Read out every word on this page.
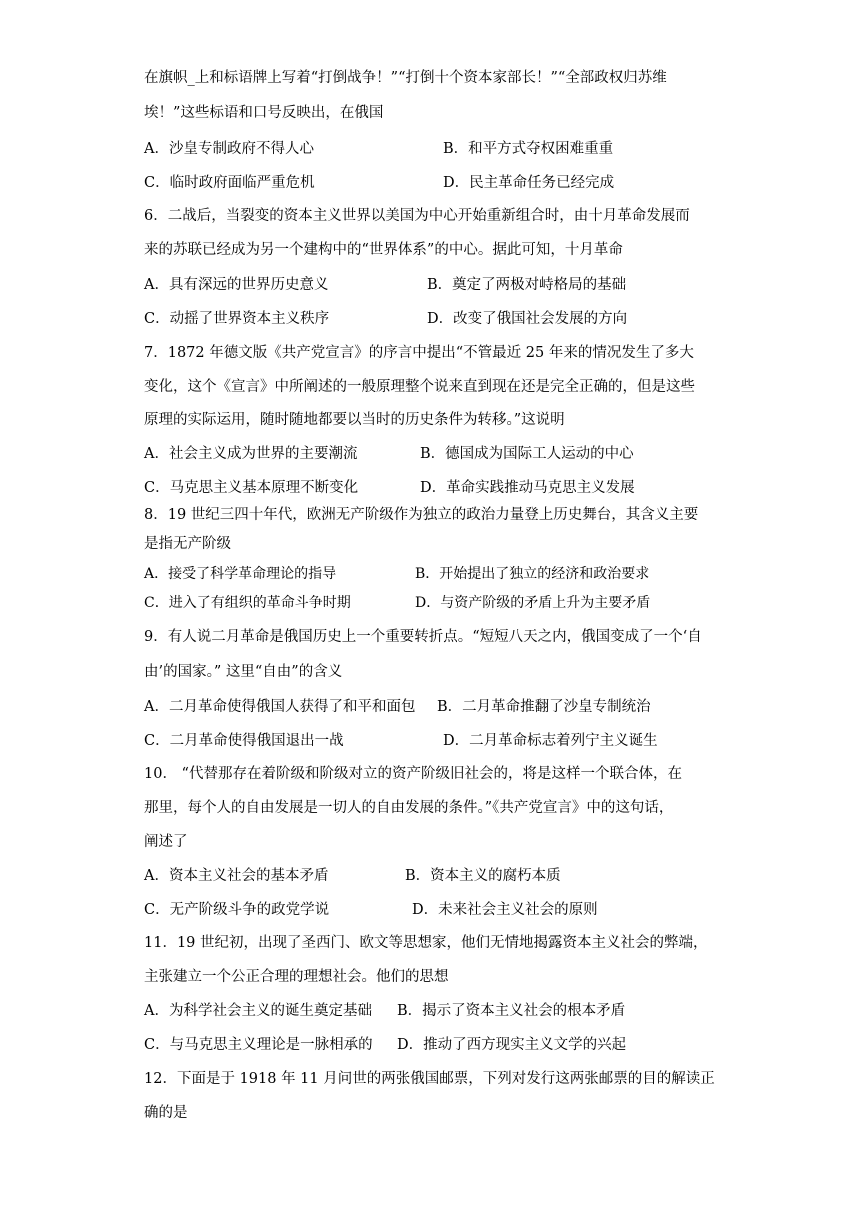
在旗帜_上和标语牌上写着“打倒战争！”“打倒十个资本家部长！”“全部政权归苏维
埃！”这些标语和口号反映出，在俄国
A．沙皇专制政府不得人心	B．和平方式夺权困难重重
C．临时政府面临严重危机	D．民主革命任务已经完成
6．二战后，当裂变的资本主义世界以美国为中心开始重新组合时，由十月革命发展而
来的苏联已经成为另一个建构中的“世界体系”的中心。据此可知，十月革命
A．具有深远的世界历史意义	B．奠定了两极对峙格局的基础
C．动摇了世界资本主义秩序	D．改变了俄国社会发展的方向
7．1872 年德文版《共产党宣言》的序言中提出“不管最近 25 年来的情况发生了多大
变化，这个《宣言》中所阐述的一般原理整个说来直到现在还是完全正确的，但是这些
原理的实际运用，随时随地都要以当时的历史条件为转移。”这说明
A．社会主义成为世界的主要潮流	B．德国成为国际工人运动的中心
C．马克思主义基本原理不断变化	D．革命实践推动马克思主义发展
8．19 世纪三四十年代，欧洲无产阶级作为独立的政治力量登上历史舞台，其含义主要
是指无产阶级
A．接受了科学革命理论的指导	B．开始提出了独立的经济和政治要求
C．进入了有组织的革命斗争时期	D．与资产阶级的矛盾上升为主要矛盾
9．有人说二月革命是俄国历史上一个重要转折点。“短短八天之内，俄国变成了一个‘自
由’的国家。” 这里“自由”的含义
A．二月革命使得俄国人获得了和平和面包 B．二月革命推翻了沙皇专制统治
C．二月革命使得俄国退出一战	D．二月革命标志着列宁主义诞生
10． “代替那存在着阶级和阶级对立的资产阶级旧社会的，将是这样一个联合体，在
那里，每个人的自由发展是一切人的自由发展的条件。”《共产党宣言》中的这句话，
阐述了
A．资本主义社会的基本矛盾	B．资本主义的腐朽本质
C．无产阶级斗争的政党学说	D．未来社会主义社会的原则
11．19 世纪初，出现了圣西门、欧文等思想家，他们无情地揭露资本主义社会的弊端，
主张建立一个公正合理的理想社会。他们的思想
A．为科学社会主义的诞生奠定基础 B．揭示了资本主义社会的根本矛盾
C．与马克思主义理论是一脉相承的 D．推动了西方现实主义文学的兴起
12．下面是于 1918 年 11 月问世的两张俄国邮票，下列对发行这两张邮票的目的解读正
确的是
